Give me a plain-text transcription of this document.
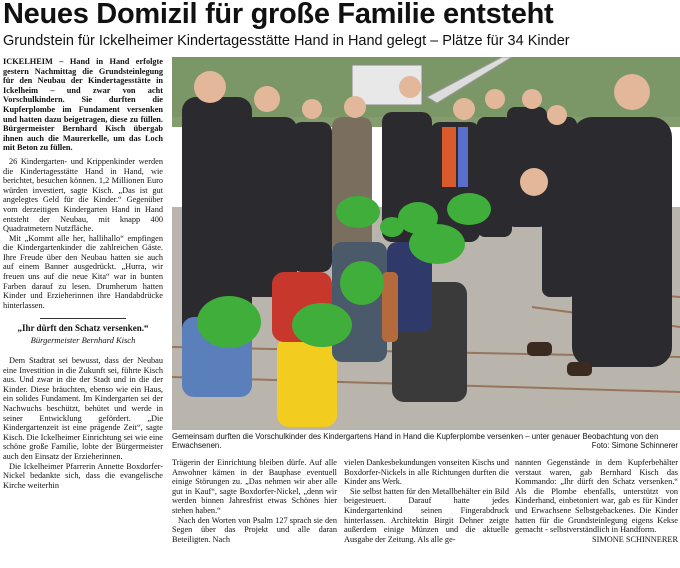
Neues Domizil für große Familie entsteht
Grundstein für Ickelheimer Kindertagesstätte Hand in Hand gelegt – Plätze für 34 Kinder

ICKELHEIM – Hand in Hand erfolgte gestern Nachmittag die Grundsteinlegung für den Neubau der Kindertagesstätte in Ickelheim – und zwar von acht Vorschulkindern. Sie durften die Kupferplombe im Fundament versenken und hatten dazu beigetragen, diese zu füllen. Bürgermeister Bernhard Kisch übergab ihnen auch die Maurerkelle, um das Loch mit Beton zu füllen.

26 Kindergarten- und Krippenkinder werden die Kindertagesstätte Hand in Hand, wie berichtet, besuchen können. 1,2 Millionen Euro würden investiert, sagte Kisch. „Das ist gut angelegtes Geld für die Kinder.“ Gegenüber vom derzeitigen Kindergarten Hand in Hand entsteht der Neubau, mit knapp 400 Quadratmetern Nutzfläche.

Mit „Kommt alle her, hallihallo“ empfingen die Kindergartenkinder die zahlreichen Gäste. Ihre Freude über den Neubau hatten sie auch auf einem Banner ausgedrückt. „Hurra, wir freuen uns auf die neue Kita“ war in bunten Farben darauf zu lesen. Drumherum hatten Kinder und Erzieherinnen ihre Handabdrücke hinterlassen.

„Ihr dürft den Schatz versenken.“
Bürgermeister Bernhard Kisch

Dem Stadtrat sei bewusst, dass der Neubau eine Investition in die Zukunft sei, führte Kisch aus. Und zwar in die der Stadt und in die der Kinder. Diese bräuchten, ebenso wie ein Haus, ein solides Fundament. Im Kindergarten sei der Nachwuchs beschützt, behütet und werde in seiner Entwicklung gefördert. „Die Kindergartenzeit ist eine prägende Zeit“, sagte Kisch. Die Ickelheimer Einrichtung sei wie eine schöne große Familie, lobte der Bürgermeister auch den Einsatz der Erzieherinnen.

Die Ickelheimer Pfarrerin Annette Boxdorfer-Nickel bedankte sich, dass die evangelische Kirche weiterhin

Gemeinsam durften die Vorschulkinder des Kindergartens Hand in Hand die Kupferplombe versenken – unter genauer Beobachtung von den Erwachsenen.	Foto: Simone Schinnerer

Trägerin der Einrichtung bleiben dürfe. Auf alle Anwohner kämen in der Bauphase eventuell einige Störungen zu. „Das nehmen wir aber alle gut in Kauf“, sagte Boxdorfer-Nickel, „denn wir werden binnen Jahresfrist etwas Schönes hier stehen haben.“

Nach den Worten von Psalm 127 sprach sie den Segen über das Projekt und alle daran Beteiligten. Nach

vielen Dankesbekundungen vonseiten Kischs und Boxdorfer-Nickels in alle Richtungen durften die Kinder ans Werk.

Sie selbst hatten für den Metallbehälter ein Bild beigesteuert. Darauf hatte jedes Kindergartenkind seinen Fingerabdruck hinterlassen. Architektin Birgit Dehner zeigte außerdem einige Münzen und die aktuelle Ausgabe der Zeitung. Als alle ge-

nannten Gegenstände in dem Kupferbehälter verstaut waren, gab Bernhard Kisch das Kommando: „Ihr dürft den Schatz versenken.“ Als die Plombe ebenfalls, unterstützt von Kinderhand, einbetoniert war, gab es für Kinder und Erwachsene Selbstgebackenes. Die Kinder hatten für die Grundsteinlegung eigens Kekse gemacht - selbstverständlich in Handform.

SIMONE SCHINNERER
